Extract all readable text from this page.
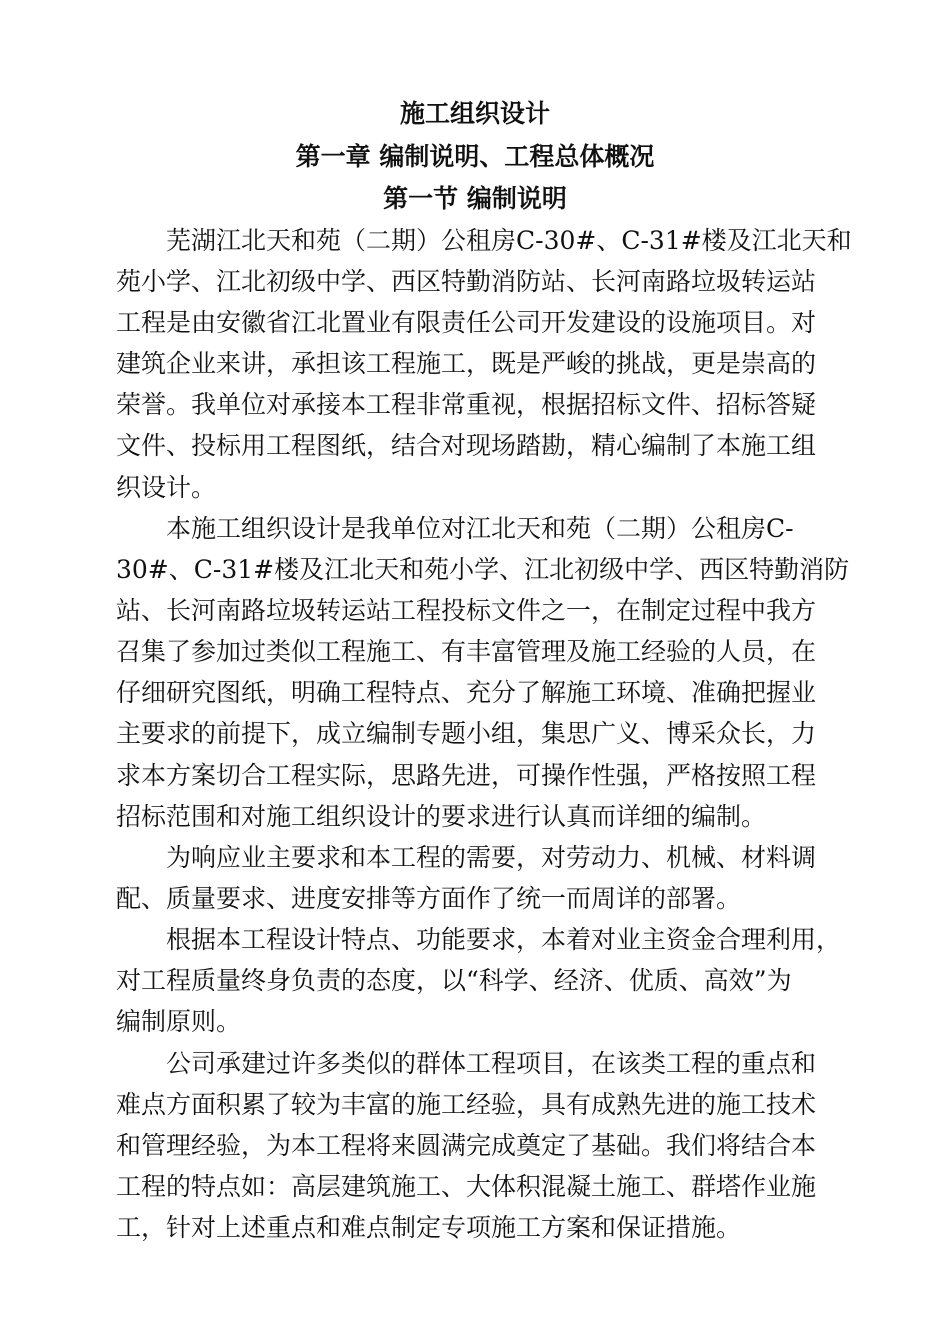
施工组织设计
第一章 编制说明、工程总体概况
第一节 编制说明
芜湖江北天和苑（二期）公租房C-30#、C-31#楼及江北天和
苑小学、江北初级中学、西区特勤消防站、长河南路垃圾转运站
工程是由安徽省江北置业有限责任公司开发建设的设施项目。对
建筑企业来讲，承担该工程施工，既是严峻的挑战，更是崇高的
荣誉。我单位对承接本工程非常重视，根据招标文件、招标答疑
文件、投标用工程图纸，结合对现场踏勘，精心编制了本施工组
织设计。
本施工组织设计是我单位对江北天和苑（二期）公租房C-
30#、C-31#楼及江北天和苑小学、江北初级中学、西区特勤消防
站、长河南路垃圾转运站工程投标文件之一，在制定过程中我方
召集了参加过类似工程施工、有丰富管理及施工经验的人员，在
仔细研究图纸，明确工程特点、充分了解施工环境、准确把握业
主要求的前提下，成立编制专题小组，集思广义、博采众长，力
求本方案切合工程实际，思路先进，可操作性强，严格按照工程
招标范围和对施工组织设计的要求进行认真而详细的编制。
为响应业主要求和本工程的需要，对劳动力、机械、材料调
配、质量要求、进度安排等方面作了统一而周详的部署。
根据本工程设计特点、功能要求，本着对业主资金合理利用，
对工程质量终身负责的态度，以“科学、经济、优质、高效”为
编制原则。
公司承建过许多类似的群体工程项目，在该类工程的重点和
难点方面积累了较为丰富的施工经验，具有成熟先进的施工技术
和管理经验，为本工程将来圆满完成奠定了基础。我们将结合本
工程的特点如：高层建筑施工、大体积混凝土施工、群塔作业施
工，针对上述重点和难点制定专项施工方案和保证措施。
